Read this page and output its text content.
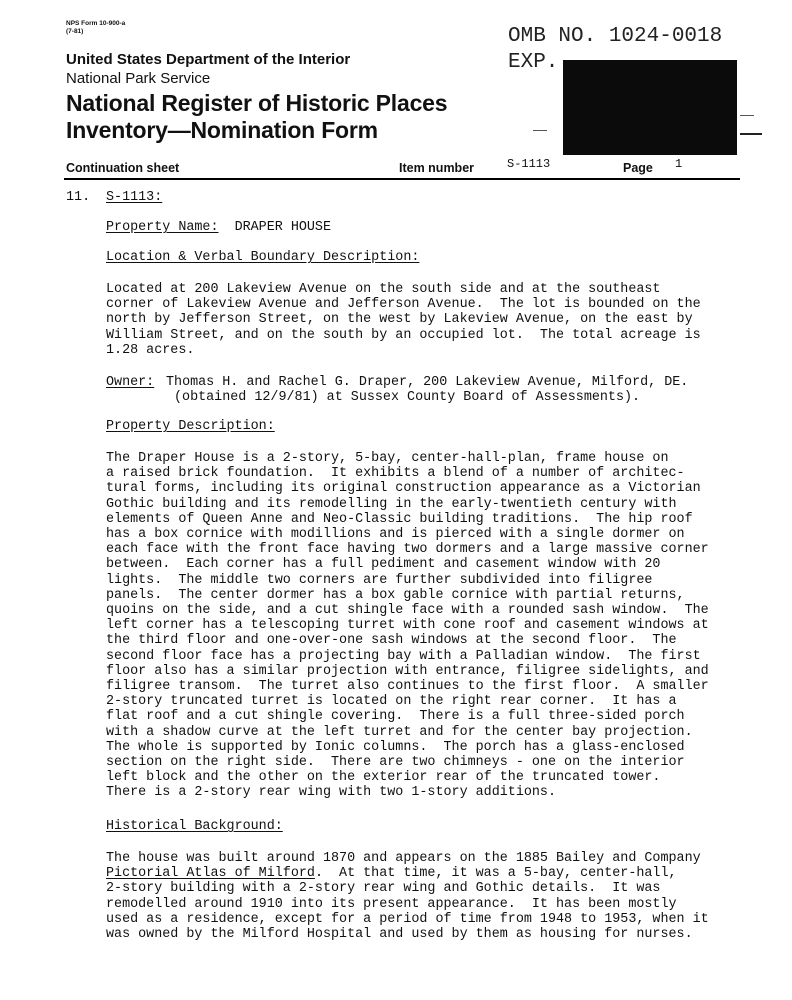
NPS Form 10-900-a
(7-81)
United States Department of the Interior
National Park Service
National Register of Historic Places
Inventory—Nomination Form
OMB NO. 1024-0018
EXP.
Continuation sheet	Item number	S-1113	Page 1
11. S-1113:
Property Name: DRAPER HOUSE
Location & Verbal Boundary Description:
Located at 200 Lakeview Avenue on the south side and at the southeast
corner of Lakeview Avenue and Jefferson Avenue.  The lot is bounded on the
north by Jefferson Street, on the west by Lakeview Avenue, on the east by
William Street, and on the south by an occupied lot.  The total acreage is
1.28 acres.
Owner: Thomas H. and Rachel G. Draper, 200 Lakeview Avenue, Milford, DE.
(obtained 12/9/81) at Sussex County Board of Assessments).
Property Description:
The Draper House is a 2-story, 5-bay, center-hall-plan, frame house on
a raised brick foundation.  It exhibits a blend of a number of architec-
tural forms, including its original construction appearance as a Victorian
Gothic building and its remodelling in the early-twentieth century with
elements of Queen Anne and Neo-Classic building traditions.  The hip roof
has a box cornice with modillions and is pierced with a single dormer on
each face with the front face having two dormers and a large massive corner
between.  Each corner has a full pediment and casement window with 20
lights.  The middle two corners are further subdivided into filigree
panels.  The center dormer has a box gable cornice with partial returns,
quoins on the side, and a cut shingle face with a rounded sash window.  The
left corner has a telescoping turret with cone roof and casement windows at
the third floor and one-over-one sash windows at the second floor.  The
second floor face has a projecting bay with a Palladian window.  The first
floor also has a similar projection with entrance, filigree sidelights, and
filigree transom.  The turret also continues to the first floor.  A smaller
2-story truncated turret is located on the right rear corner.  It has a
flat roof and a cut shingle covering.  There is a full three-sided porch
with a shadow curve at the left turret and for the center bay projection.
The whole is supported by Ionic columns.  The porch has a glass-enclosed
section on the right side.  There are two chimneys - one on the interior
left block and the other on the exterior rear of the truncated tower.
There is a 2-story rear wing with two 1-story additions.
Historical Background:
The house was built around 1870 and appears on the 1885 Bailey and Company
Pictorial Atlas of Milford.  At that time, it was a 5-bay, center-hall,
2-story building with a 2-story rear wing and Gothic details.  It was
remodelled around 1910 into its present appearance.  It has been mostly
used as a residence, except for a period of time from 1948 to 1953, when it
was owned by the Milford Hospital and used by them as housing for nurses.
